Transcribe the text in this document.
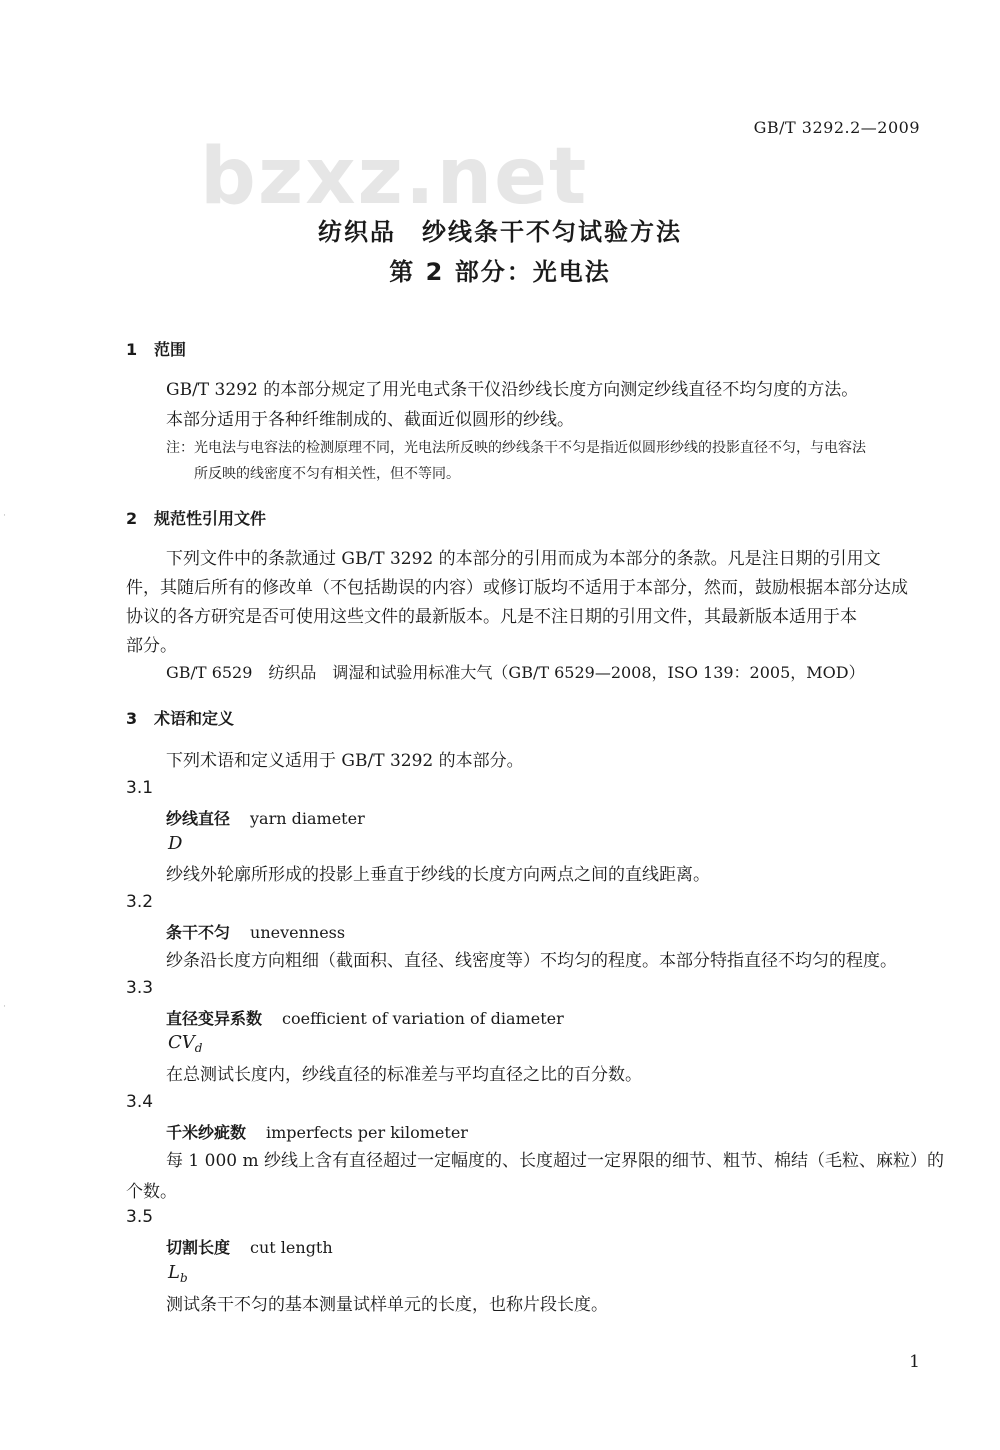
bzxz.net
GB/T 3292.2—2009
纺织品　纱线条干不匀试验方法
第 2 部分：光电法
1 范围
GB/T 3292 的本部分规定了用光电式条干仪沿纱线长度方向测定纱线直径不均匀度的方法。
本部分适用于各种纤维制成的、截面近似圆形的纱线。
注：光电法与电容法的检测原理不同，光电法所反映的纱线条干不匀是指近似圆形纱线的投影直径不匀，与电容法
所反映的线密度不匀有相关性，但不等同。
2 规范性引用文件
下列文件中的条款通过 GB/T 3292 的本部分的引用而成为本部分的条款。凡是注日期的引用文
件，其随后所有的修改单（不包括勘误的内容）或修订版均不适用于本部分，然而，鼓励根据本部分达成
协议的各方研究是否可使用这些文件的最新版本。凡是不注日期的引用文件，其最新版本适用于本
部分。
GB/T 6529　纺织品　调湿和试验用标准大气（GB/T 6529—2008，ISO 139：2005，MOD）
3 术语和定义
下列术语和定义适用于 GB/T 3292 的本部分。
3.1
纱线直径 yarn diameter
D
纱线外轮廓所形成的投影上垂直于纱线的长度方向两点之间的直线距离。
3.2
条干不匀 unevenness
纱条沿长度方向粗细（截面积、直径、线密度等）不均匀的程度。本部分特指直径不均匀的程度。
3.3
直径变异系数 coefficient of variation of diameter
$CV_d$
在总测试长度内，纱线直径的标准差与平均直径之比的百分数。
3.4
千米纱疵数 imperfects per kilometer
每 1 000 m 纱线上含有直径超过一定幅度的、长度超过一定界限的细节、粗节、棉结（毛粒、麻粒）的
个数。
3.5
切割长度 cut length
$L_b$
测试条干不匀的基本测量试样单元的长度，也称片段长度。
1
˙
˙
